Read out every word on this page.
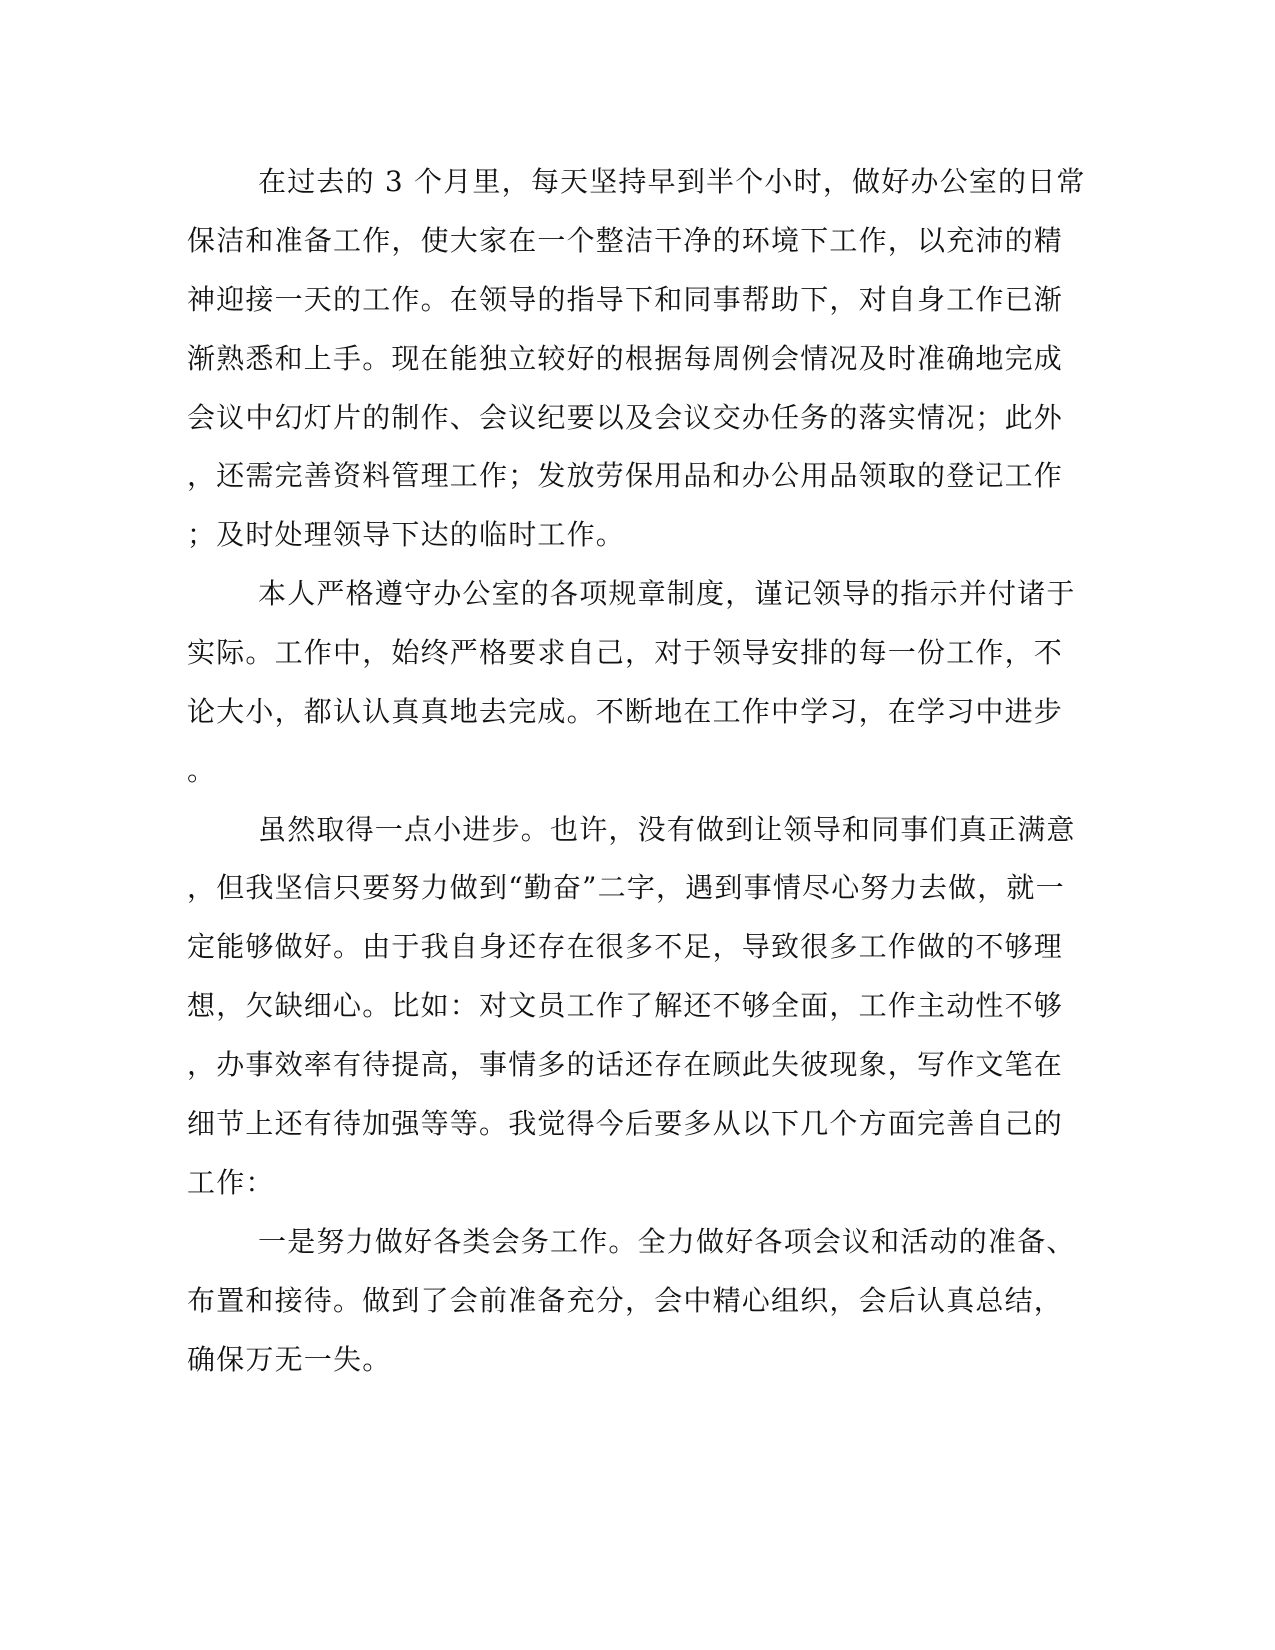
在过去的 3 个月里，每天坚持早到半个小时，做好办公室的日常
保洁和准备工作，使大家在一个整洁干净的环境下工作，以充沛的精
神迎接一天的工作。在领导的指导下和同事帮助下，对自身工作已渐
渐熟悉和上手。现在能独立较好的根据每周例会情况及时准确地完成
会议中幻灯片的制作、会议纪要以及会议交办任务的落实情况；此外
，还需完善资料管理工作；发放劳保用品和办公用品领取的登记工作
；及时处理领导下达的临时工作。
本人严格遵守办公室的各项规章制度，谨记领导的指示并付诸于
实际。工作中，始终严格要求自己，对于领导安排的每一份工作，不
论大小，都认认真真地去完成。不断地在工作中学习，在学习中进步
。
虽然取得一点小进步。也许，没有做到让领导和同事们真正满意
，但我坚信只要努力做到“勤奋”二字，遇到事情尽心努力去做，就一
定能够做好。由于我自身还存在很多不足，导致很多工作做的不够理
想，欠缺细心。比如：对文员工作了解还不够全面，工作主动性不够
，办事效率有待提高，事情多的话还存在顾此失彼现象，写作文笔在
细节上还有待加强等等。我觉得今后要多从以下几个方面完善自己的
工作：
一是努力做好各类会务工作。全力做好各项会议和活动的准备、
布置和接待。做到了会前准备充分，会中精心组织，会后认真总结，
确保万无一失。
